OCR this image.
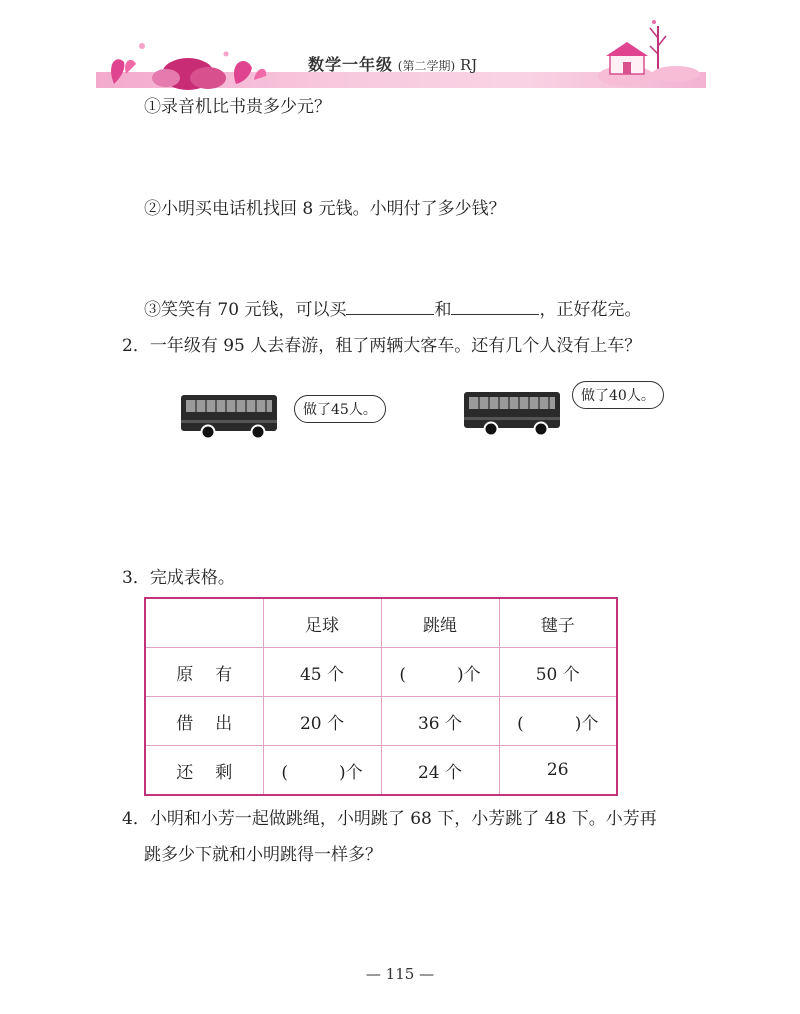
数学一年级 (第二学期) RJ
①录音机比书贵多少元？
②小明买电话机找回 8 元钱。小明付了多少钱？
③笑笑有 70 元钱，可以买	和	，正好花完。
2．一年级有 95 人去春游，租了两辆大客车。还有几个人没有上车？
做了45人。
做了40人。
3．完成表格。
	足球	跳绳	毽子
原有	45 个	(　　　)个	50 个
借出	20 个	36 个	(　　　)个
还剩	(　　　)个	24 个	26
4．小明和小芳一起做跳绳，小明跳了 68 下，小芳跳了 48 下。小芳再
跳多少下就和小明跳得一样多？
— 115 —
